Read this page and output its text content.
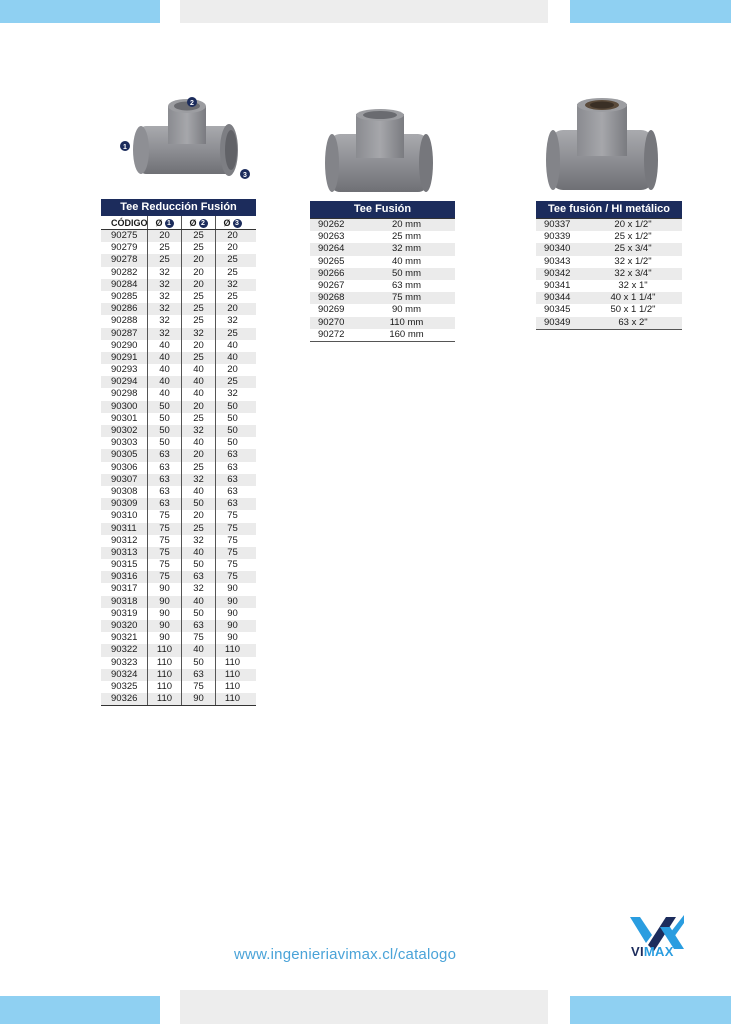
1
2
3
Tee Reducción Fusión
CÓDIGO Ø 1	Ø 2	Ø 3
90275	20	25	20
90279	25	25	20
90278	25	20	25
90282	32	20	25
90284	32	20	32
90285	32	25	25
90286	32	25	20
90288	32	25	32
90287	32	32	25
90290	40	20	40
90291	40	25	40
90293	40	40	20
90294	40	40	25
90298	40	40	32
90300	50	20	50
90301	50	25	50
90302	50	32	50
90303	50	40	50
90305	63	20	63
90306	63	25	63
90307	63	32	63
90308	63	40	63
90309	63	50	63
90310	75	20	75
90311	75	25	75
90312	75	32	75
90313	75	40	75
90315	75	50	75
90316	75	63	75
90317	90	32	90
90318	90	40	90
90319	90	50	90
90320	90	63	90
90321	90	75	90
90322	110	40	110
90323	110	50	110
90324	110	63	110
90325	110	75	110
90326	110	90	110
Tee Fusión
90262	20 mm
90263	25 mm
90264	32 mm
90265	40 mm
90266	50 mm
90267	63 mm
90268	75 mm
90269	90 mm
90270	110 mm
90272	160 mm
Tee fusión / HI metálico
90337	20 x 1/2"
90339	25 x 1/2"
90340	25 x 3/4"
90343	32 x 1/2"
90342	32 x 3/4"
90341	32 x 1"
90344	40 x 1 1/4"
90345	50 x 1 1/2"
90349	63 x 2"
www.ingenieriavimax.cl/catalogo	VIMAX
